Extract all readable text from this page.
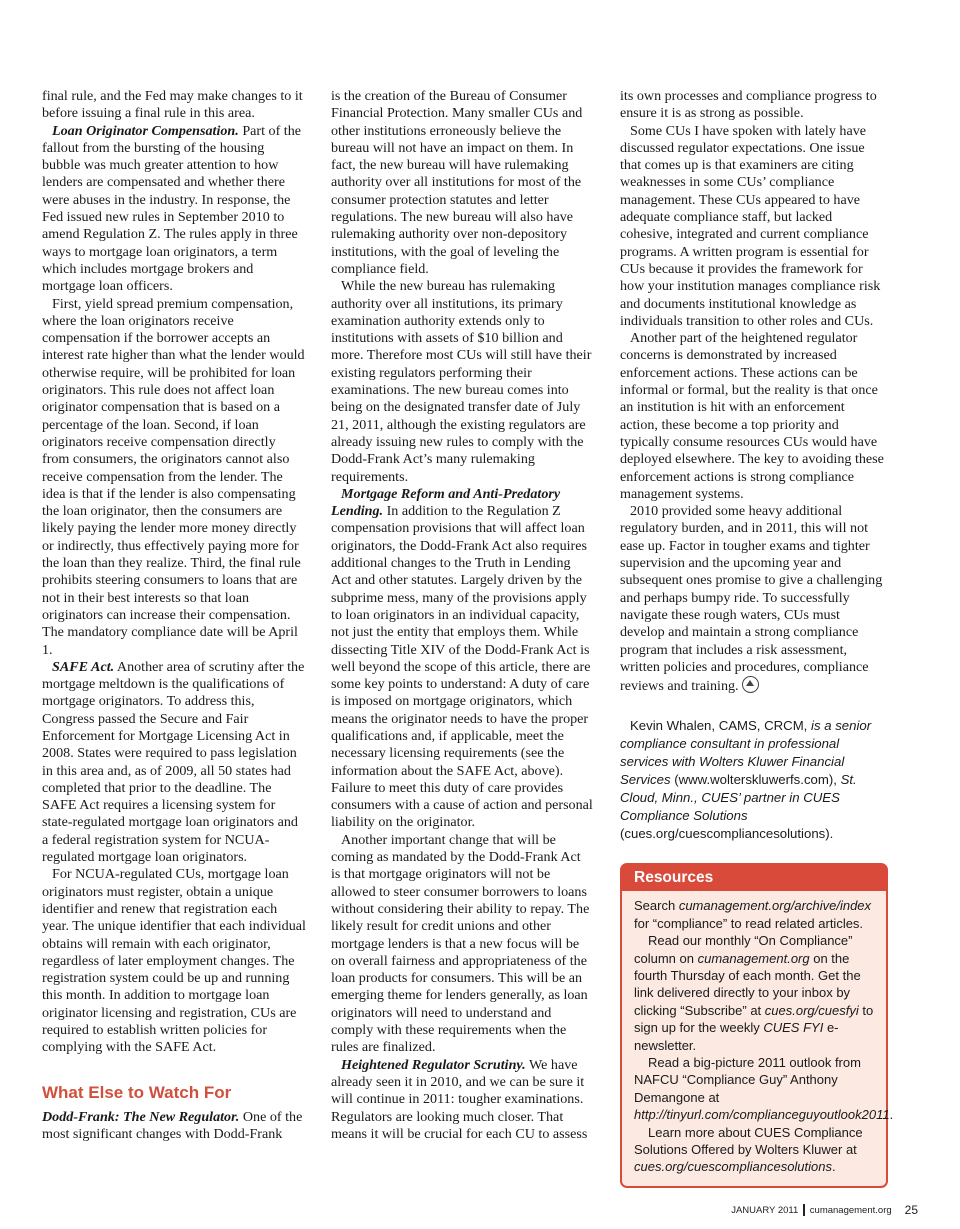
final rule, and the Fed may make changes to it before issuing a final rule in this area.

Loan Originator Compensation. Part of the fallout from the bursting of the housing bubble was much greater attention to how lenders are compensated and whether there were abuses in the industry. In response, the Fed issued new rules in September 2010 to amend Regulation Z. The rules apply in three ways to mortgage loan originators, a term which includes mortgage brokers and mortgage loan officers.

First, yield spread premium compensation, where the loan originators receive compensation if the borrower accepts an interest rate higher than what the lender would otherwise require, will be prohibited for loan originators. This rule does not affect loan originator compensation that is based on a percentage of the loan. Second, if loan originators receive compensation directly from consumers, the originators cannot also receive compensation from the lender. The idea is that if the lender is also compensating the loan originator, then the consumers are likely paying the lender more money directly or indirectly, thus effectively paying more for the loan than they realize. Third, the final rule prohibits steering consumers to loans that are not in their best interests so that loan originators can increase their compensation. The mandatory compliance date will be April 1.

SAFE Act. Another area of scrutiny after the mortgage meltdown is the qualifications of mortgage originators. To address this, Congress passed the Secure and Fair Enforcement for Mortgage Licensing Act in 2008. States were required to pass legislation in this area and, as of 2009, all 50 states had completed that prior to the deadline. The SAFE Act requires a licensing system for state-regulated mortgage loan originators and a federal registration system for NCUA-regulated mortgage loan originators.

For NCUA-regulated CUs, mortgage loan originators must register, obtain a unique identifier and renew that registration each year. The unique identifier that each individual obtains will remain with each originator, regardless of later employment changes. The registration system could be up and running this month. In addition to mortgage loan originator licensing and registration, CUs are required to establish written policies for complying with the SAFE Act.

What Else to Watch For

Dodd-Frank: The New Regulator. One of the most significant changes with Dodd-Frank

is the creation of the Bureau of Consumer Financial Protection. Many smaller CUs and other institutions erroneously believe the bureau will not have an impact on them. In fact, the new bureau will have rulemaking authority over all institutions for most of the consumer protection statutes and letter regulations. The new bureau will also have rulemaking authority over non-depository institutions, with the goal of leveling the compliance field.

While the new bureau has rulemaking authority over all institutions, its primary examination authority extends only to institutions with assets of $10 billion and more. Therefore most CUs will still have their existing regulators performing their examinations. The new bureau comes into being on the designated transfer date of July 21, 2011, although the existing regulators are already issuing new rules to comply with the Dodd-Frank Act’s many rulemaking requirements.

Mortgage Reform and Anti-Predatory Lending. In addition to the Regulation Z compensation provisions that will affect loan originators, the Dodd-Frank Act also requires additional changes to the Truth in Lending Act and other statutes. Largely driven by the subprime mess, many of the provisions apply to loan originators in an individual capacity, not just the entity that employs them. While dissecting Title XIV of the Dodd-Frank Act is well beyond the scope of this article, there are some key points to understand: A duty of care is imposed on mortgage originators, which means the originator needs to have the proper qualifications and, if applicable, meet the necessary licensing requirements (see the information about the SAFE Act, above). Failure to meet this duty of care provides consumers with a cause of action and personal liability on the originator.

Another important change that will be coming as mandated by the Dodd-Frank Act is that mortgage originators will not be allowed to steer consumer borrowers to loans without considering their ability to repay. The likely result for credit unions and other mortgage lenders is that a new focus will be on overall fairness and appropriateness of the loan products for consumers. This will be an emerging theme for lenders generally, as loan originators will need to understand and comply with these requirements when the rules are finalized.

Heightened Regulator Scrutiny. We have already seen it in 2010, and we can be sure it will continue in 2011: tougher examinations. Regulators are looking much closer. That means it will be crucial for each CU to assess

its own processes and compliance progress to ensure it is as strong as possible.

Some CUs I have spoken with lately have discussed regulator expectations. One issue that comes up is that examiners are citing weaknesses in some CUs’ compliance management. These CUs appeared to have adequate compliance staff, but lacked cohesive, integrated and current compliance programs. A written program is essential for CUs because it provides the framework for how your institution manages compliance risk and documents institutional knowledge as individuals transition to other roles and CUs.

Another part of the heightened regulator concerns is demonstrated by increased enforcement actions. These actions can be informal or formal, but the reality is that once an institution is hit with an enforcement action, these become a top priority and typically consume resources CUs would have deployed elsewhere. The key to avoiding these enforcement actions is strong compliance management systems.

2010 provided some heavy additional regulatory burden, and in 2011, this will not ease up. Factor in tougher exams and tighter supervision and the upcoming year and subsequent ones promise to give a challenging and perhaps bumpy ride. To successfully navigate these rough waters, CUs must develop and maintain a strong compliance program that includes a risk assessment, written policies and procedures, compliance reviews and training.

Kevin Whalen, CAMS, CRCM, is a senior compliance consultant in professional services with Wolters Kluwer Financial Services (www.wolterskluwerfs.com), St. Cloud, Minn., CUES’ partner in CUES Compliance Solutions (cues.org/cuescompliancesolutions).

Resources

Search cumanagement.org/archive/index for “compliance” to read related articles.

Read our monthly “On Compliance” column on cumanagement.org on the fourth Thursday of each month. Get the link delivered directly to your inbox by clicking “Subscribe” at cues.org/cuesfyi to sign up for the weekly CUES FYI e-newsletter.

Read a big-picture 2011 outlook from NAFCU “Compliance Guy” Anthony Demangone at http://tinyurl.com/complianceguyoutlook2011.

Learn more about CUES Compliance Solutions Offered by Wolters Kluwer at cues.org/cuescompliancesolutions.

JANUARY 2011 cumanagement.org 25
